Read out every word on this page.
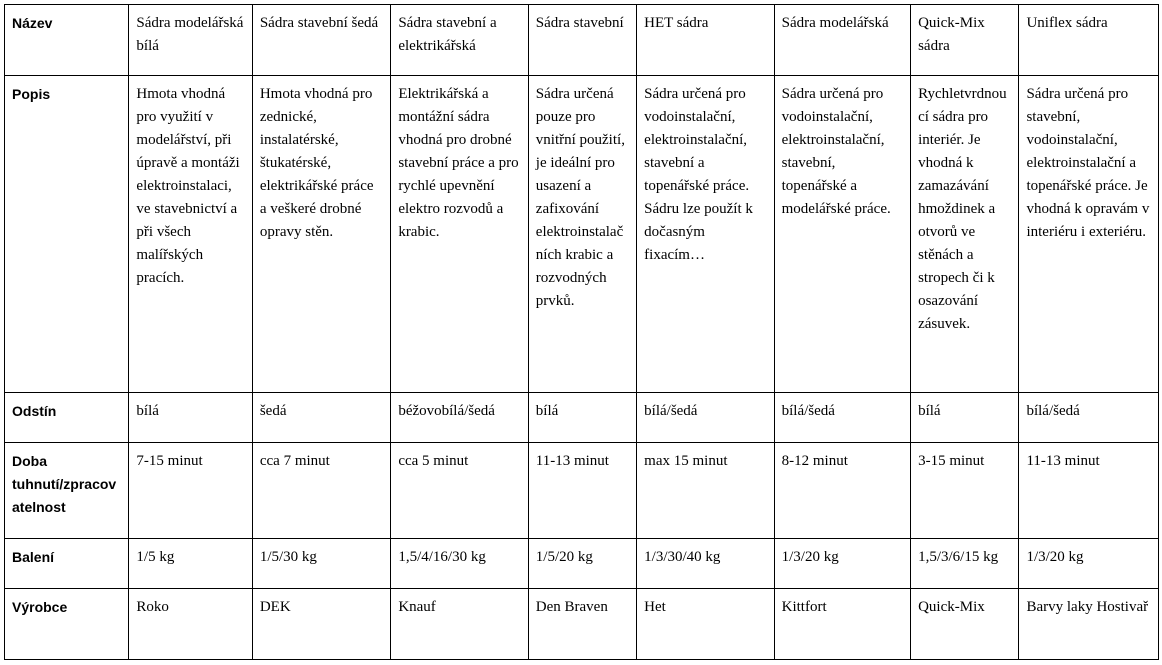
Název	Sádra modelářská bílá	Sádra stavební šedá	Sádra stavební a elektrikářská	Sádra stavební	HET sádra	Sádra modelářská	Quick-Mix sádra	Uniflex sádra
Popis	Hmota vhodná pro využití v modelářství, při úpravě a montáži elektroinstalaci, ve stavebnictví a při všech malířských pracích.	Hmota vhodná pro zednické, instalatérské, štukatérské, elektrikářské práce a veškeré drobné opravy stěn.	Elektrikářská a montážní sádra vhodná pro drobné stavební práce a pro rychlé upevnění elektro rozvodů a krabic.	Sádra určená pouze pro vnitřní použití, je ideální pro usazení a zafixování elektroinstalačních krabic a rozvodných prvků.	Sádra určená pro vodoinstalační, elektroinstalační, stavební a topenářské práce. Sádru lze použít k dočasným fixacím…	Sádra určená pro vodoinstalační, elektroinstalační, stavební, topenářské a modelářské práce.	Rychletvrdnoucí sádra pro interiér. Je vhodná k zamazávání hmoždinek a otvorů ve stěnách a stropech či k osazování zásuvek.	Sádra určená pro stavební, vodoinstalační, elektroinstalační a topenářské práce. Je vhodná k opravám v interiéru i exteriéru.
Odstín	bílá	šedá	béžovobílá/šedá	bílá	bílá/šedá	bílá/šedá	bílá	bílá/šedá
Doba tuhnutí/zpracovatelnost	7-15 minut	cca 7 minut	cca 5 minut	11-13 minut	max 15 minut	8-12 minut	3-15 minut	11-13 minut
Balení	1/5 kg	1/5/30 kg	1,5/4/16/30 kg	1/5/20 kg	1/3/30/40 kg	1/3/20 kg	1,5/3/6/15 kg	1/3/20 kg
Výrobce	Roko	DEK	Knauf	Den Braven	Het	Kittfort	Quick-Mix	Barvy laky Hostivař
